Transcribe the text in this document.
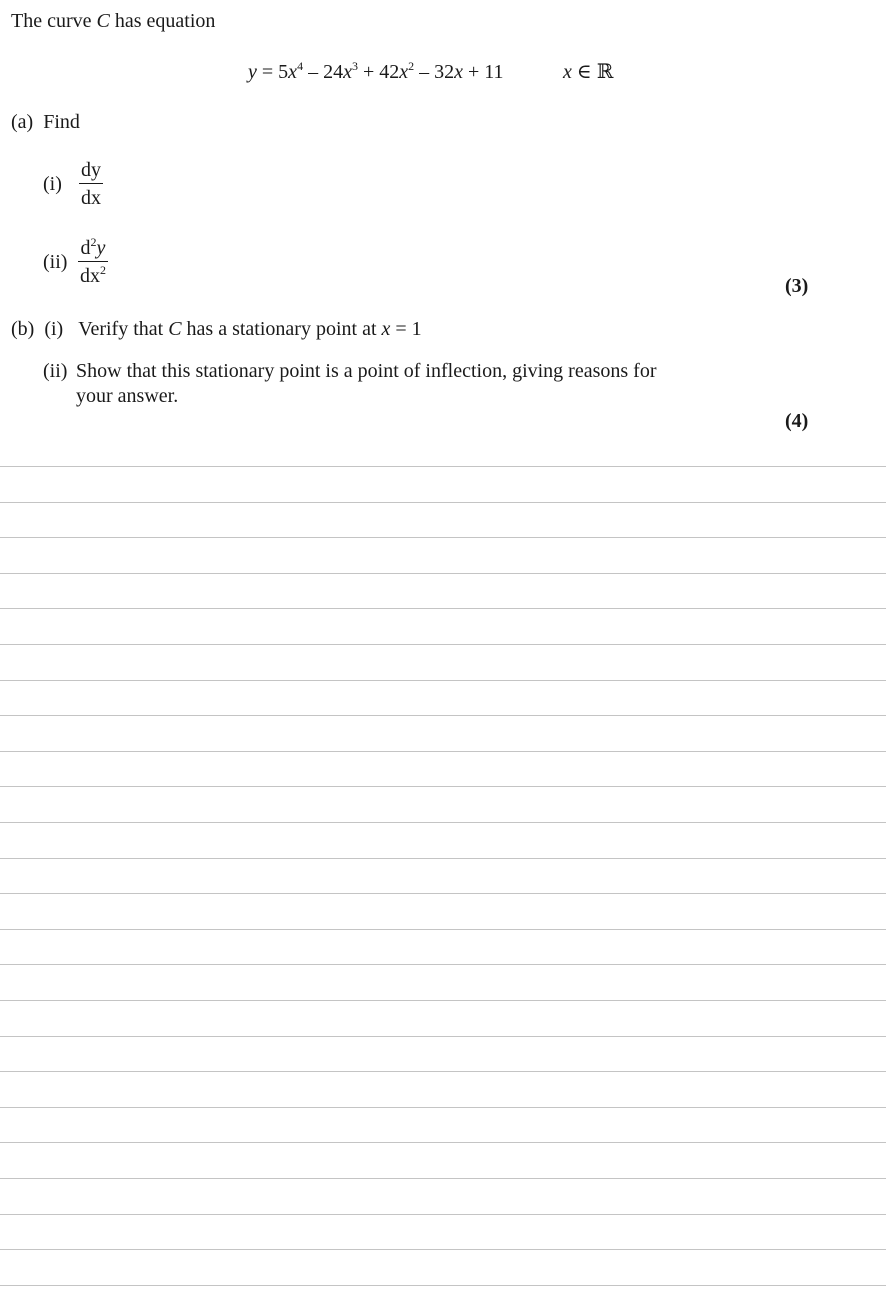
The curve C has equation
$y = 5x^4 - 24x^3 + 42x^2 - 32x + 11$	x ∈ ℝ
(a) Find
$(i) \frac{dy}{dx}$
$(ii) \frac{d^2y}{dx^2}$	(3)
(b) (i) Verify that C has a stationary point at x = 1
(ii) Show that this stationary point is a point of inflection, giving reasons for
your answer.
(4)
